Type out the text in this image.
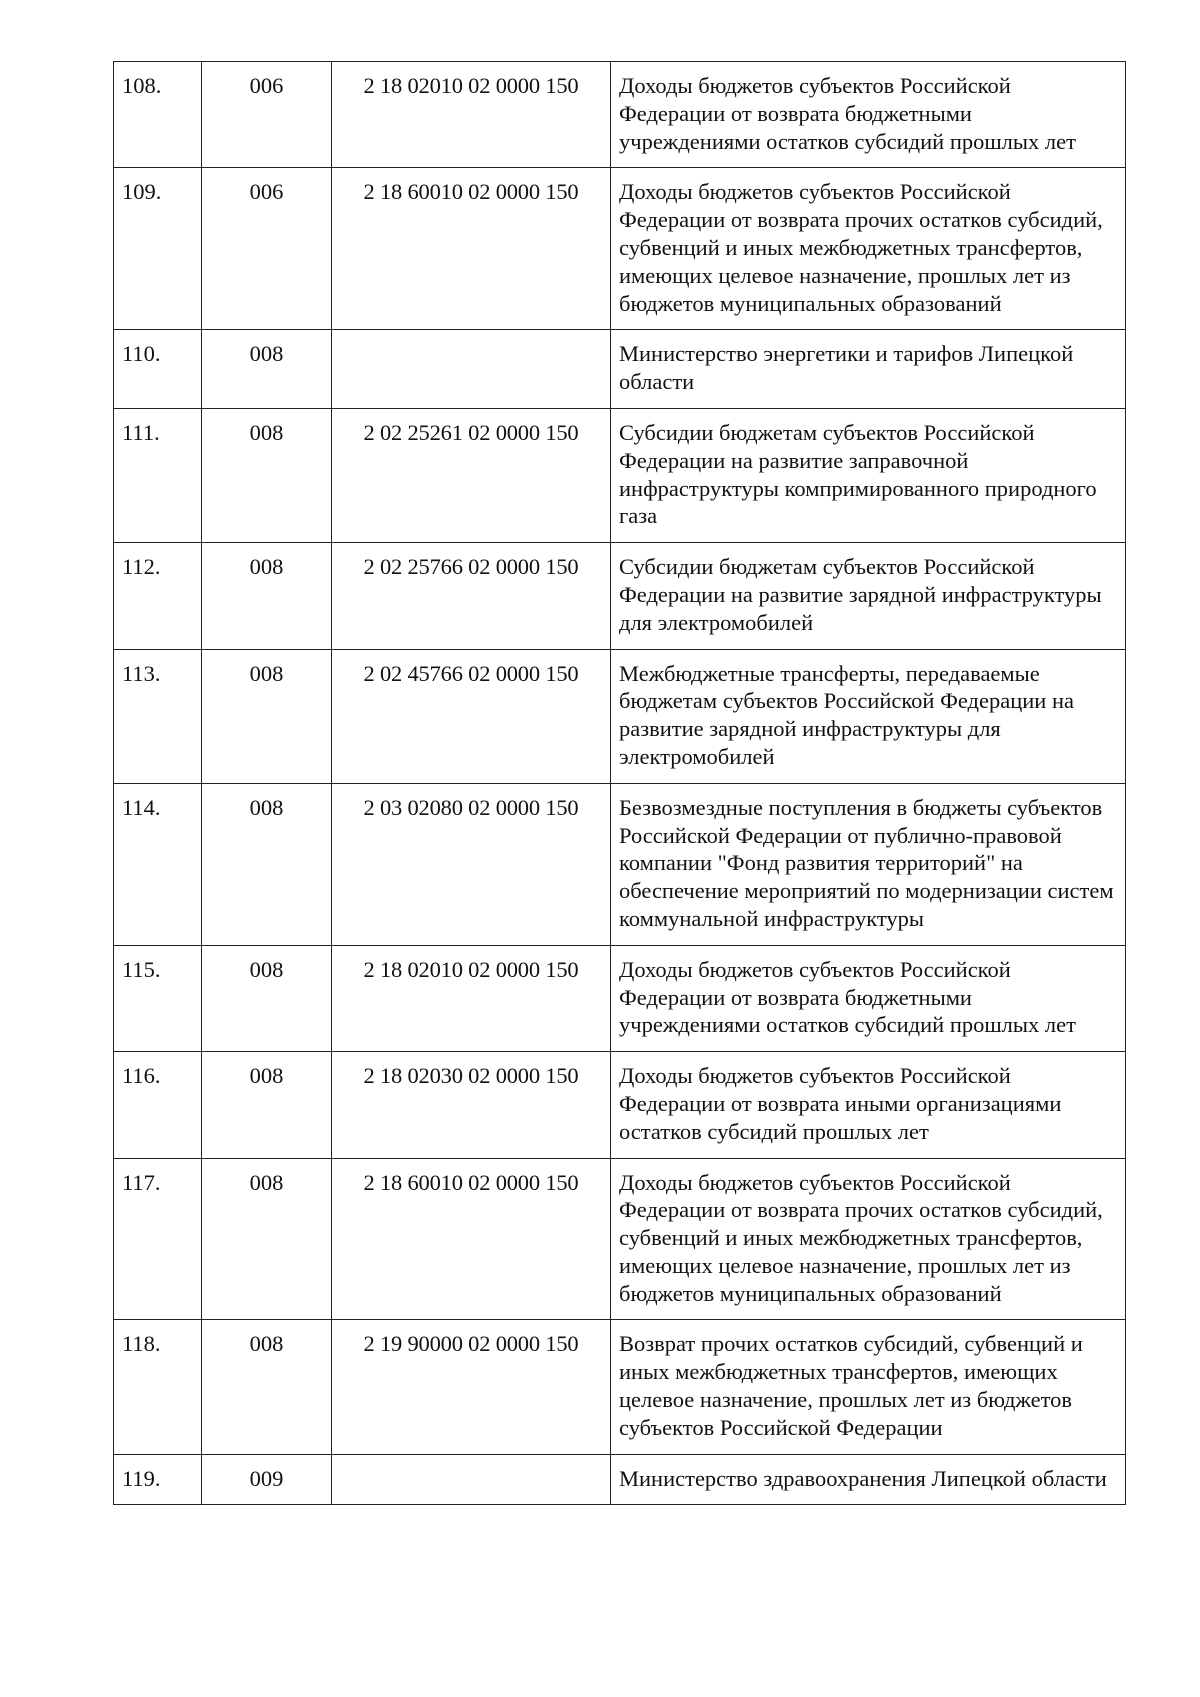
108.	006	2 18 02010 02 0000 150	Доходы бюджетов субъектов Российской Федерации от возврата бюджетными учреждениями остатков субсидий прошлых лет
109.	006	2 18 60010 02 0000 150	Доходы бюджетов субъектов Российской Федерации от возврата прочих остатков субсидий, субвенций и иных межбюджетных трансфертов, имеющих целевое назначение, прошлых лет из бюджетов муниципальных образований
110.	008		Министерство энергетики и тарифов Липецкой области
111.	008	2 02 25261 02 0000 150	Субсидии бюджетам субъектов Российской Федерации на развитие заправочной инфраструктуры компримированного природного газа
112.	008	2 02 25766 02 0000 150	Субсидии бюджетам субъектов Российской Федерации на развитие зарядной инфраструктуры для электромобилей
113.	008	2 02 45766 02 0000 150	Межбюджетные трансферты, передаваемые бюджетам субъектов Российской Федерации на развитие зарядной инфраструктуры для электромобилей
114.	008	2 03 02080 02 0000 150	Безвозмездные поступления в бюджеты субъектов Российской Федерации от публично-правовой компании "Фонд развития территорий" на обеспечение мероприятий по модернизации систем коммунальной инфраструктуры
115.	008	2 18 02010 02 0000 150	Доходы бюджетов субъектов Российской Федерации от возврата бюджетными учреждениями остатков субсидий прошлых лет
116.	008	2 18 02030 02 0000 150	Доходы бюджетов субъектов Российской Федерации от возврата иными организациями остатков субсидий прошлых лет
117.	008	2 18 60010 02 0000 150	Доходы бюджетов субъектов Российской Федерации от возврата прочих остатков субсидий, субвенций и иных межбюджетных трансфертов, имеющих целевое назначение, прошлых лет из бюджетов муниципальных образований
118.	008	2 19 90000 02 0000 150	Возврат прочих остатков субсидий, субвенций и иных межбюджетных трансфертов, имеющих целевое назначение, прошлых лет из бюджетов субъектов Российской Федерации
119.	009		Министерство здравоохранения Липецкой области
